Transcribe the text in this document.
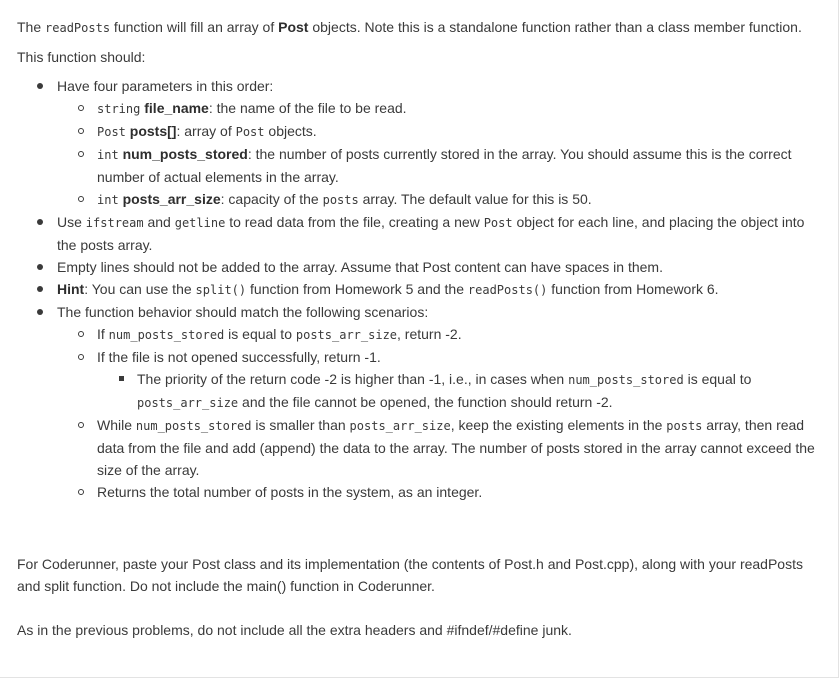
The readPosts function will fill an array of Post objects. Note this is a standalone function rather than a class member function.

This function should:

Have four parameters in this order:
string file_name: the name of the file to be read.
Post posts[]: array of Post objects.
int num_posts_stored: the number of posts currently stored in the array. You should assume this is the correct number of actual elements in the array.
int posts_arr_size: capacity of the posts array. The default value for this is 50.
Use ifstream and getline to read data from the file, creating a new Post object for each line, and placing the object into the posts array.
Empty lines should not be added to the array. Assume that Post content can have spaces in them.
Hint: You can use the split() function from Homework 5 and the readPosts() function from Homework 6.
The function behavior should match the following scenarios:
If num_posts_stored is equal to posts_arr_size, return -2.
If the file is not opened successfully, return -1.
The priority of the return code -2 is higher than -1, i.e., in cases when num_posts_stored is equal to posts_arr_size and the file cannot be opened, the function should return -2.
While num_posts_stored is smaller than posts_arr_size, keep the existing elements in the posts array, then read data from the file and add (append) the data to the array. The number of posts stored in the array cannot exceed the size of the array.
Returns the total number of posts in the system, as an integer.

For Coderunner, paste your Post class and its implementation (the contents of Post.h and Post.cpp), along with your readPosts and split function. Do not include the main() function in Coderunner.

As in the previous problems, do not include all the extra headers and #ifndef/#define junk.
